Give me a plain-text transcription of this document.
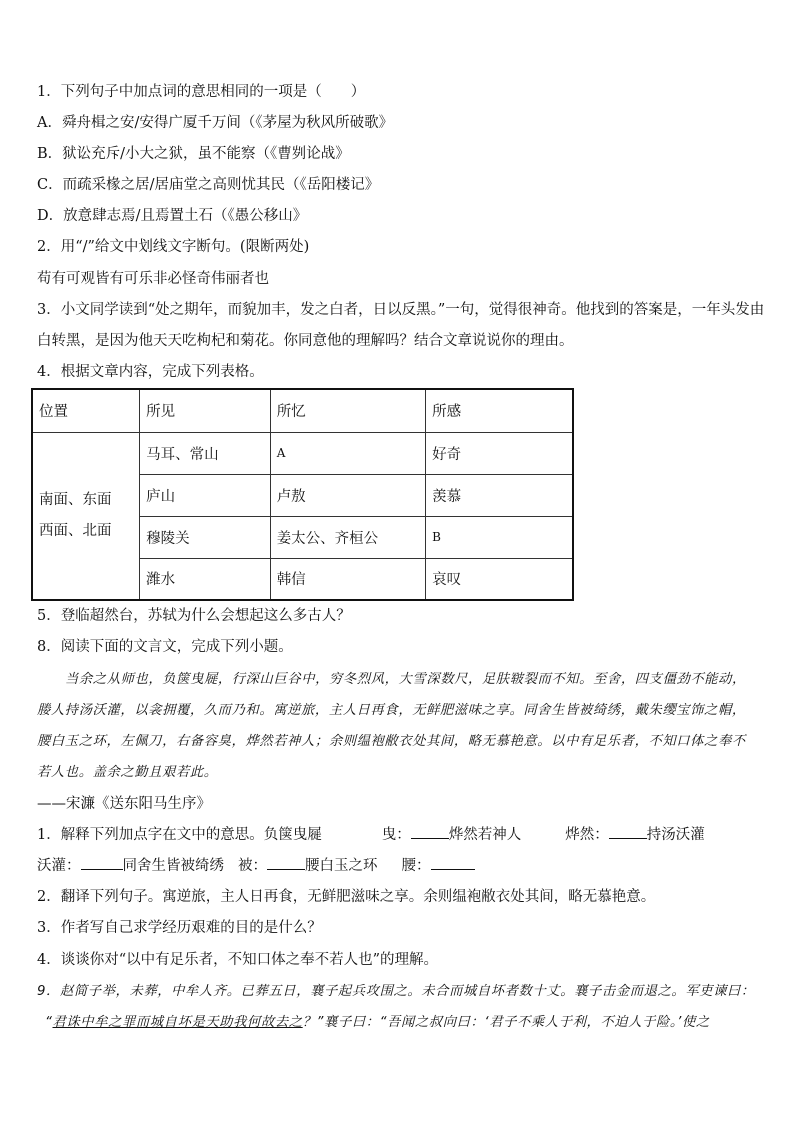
1．下列句子中加点词的意思相同的一项是（　　）
A．舜舟楫之安/安得广厦千万间（《茅屋为秋风所破歌》
B．狱讼充斥/小大之狱，虽不能察（《曹刿论战》
C．而疏采椽之居/居庙堂之高则忧其民（《岳阳楼记》
D．放意肆志焉/且焉置土石（《愚公移山》
2．用“/”给文中划线文字断句。(限断两处)
苟有可观皆有可乐非必怪奇伟丽者也
3．小文同学读到“处之期年，而貌加丰，发之白者，日以反黑。”一句，觉得很神奇。他找到的答案是，一年头发由
白转黑，是因为他天天吃枸杞和菊花。你同意他的理解吗？结合文章说说你的理由。
4．根据文章内容，完成下列表格。
位置	所见	所忆	所感

南面、东面
西面、北面	马耳、常山	A	好奇
	庐山	卢敖	羡慕
	穆陵关	姜太公、齐桓公	B
	潍水	韩信	哀叹
5．登临超然台，苏轼为什么会想起这么多古人？
8．阅读下面的文言文，完成下列小题。
当余之从师也，负箧曳屣，行深山巨谷中，穷冬烈风，大雪深数尺，足肤皲裂而不知。至舍，四支僵劲不能动，
媵人持汤沃灌，以衾拥覆，久而乃和。寓逆旅，主人日再食，无鲜肥滋味之享。同舍生皆被绮绣，戴朱缨宝饰之帽，
腰白玉之环，左佩刀，右备容臭，烨然若神人；余则缊袍敝衣处其间，略无慕艳意。以中有足乐者，不知口体之奉不
若人也。盖余之勤且艰若此。
——宋濂《送东阳马生序》
1．解释下列加点字在文中的意思。负箧曳屣	曳：	烨然若神人	烨然：	持汤沃灌
沃灌：	同舍生皆被绮绣 被：	腰白玉之环 腰：
2．翻译下列句子。寓逆旅，主人日再食，无鲜肥滋味之享。余则缊袍敝衣处其间，略无慕艳意。
3．作者写自己求学经历艰难的目的是什么？
4．谈谈你对“以中有足乐者，不知口体之奉不若人也”的理解。
9．赵简子举，未葬，中牟人齐。已葬五日，襄子起兵攻围之。未合而城自坏者数十丈。襄子击金而退之。军吏谏曰：
“君诛中牟之罪而城自坏是天助我何故去之？”襄子曰：“吾闻之叔向曰：‘君子不乘人于利，不迫人于险。’使之
